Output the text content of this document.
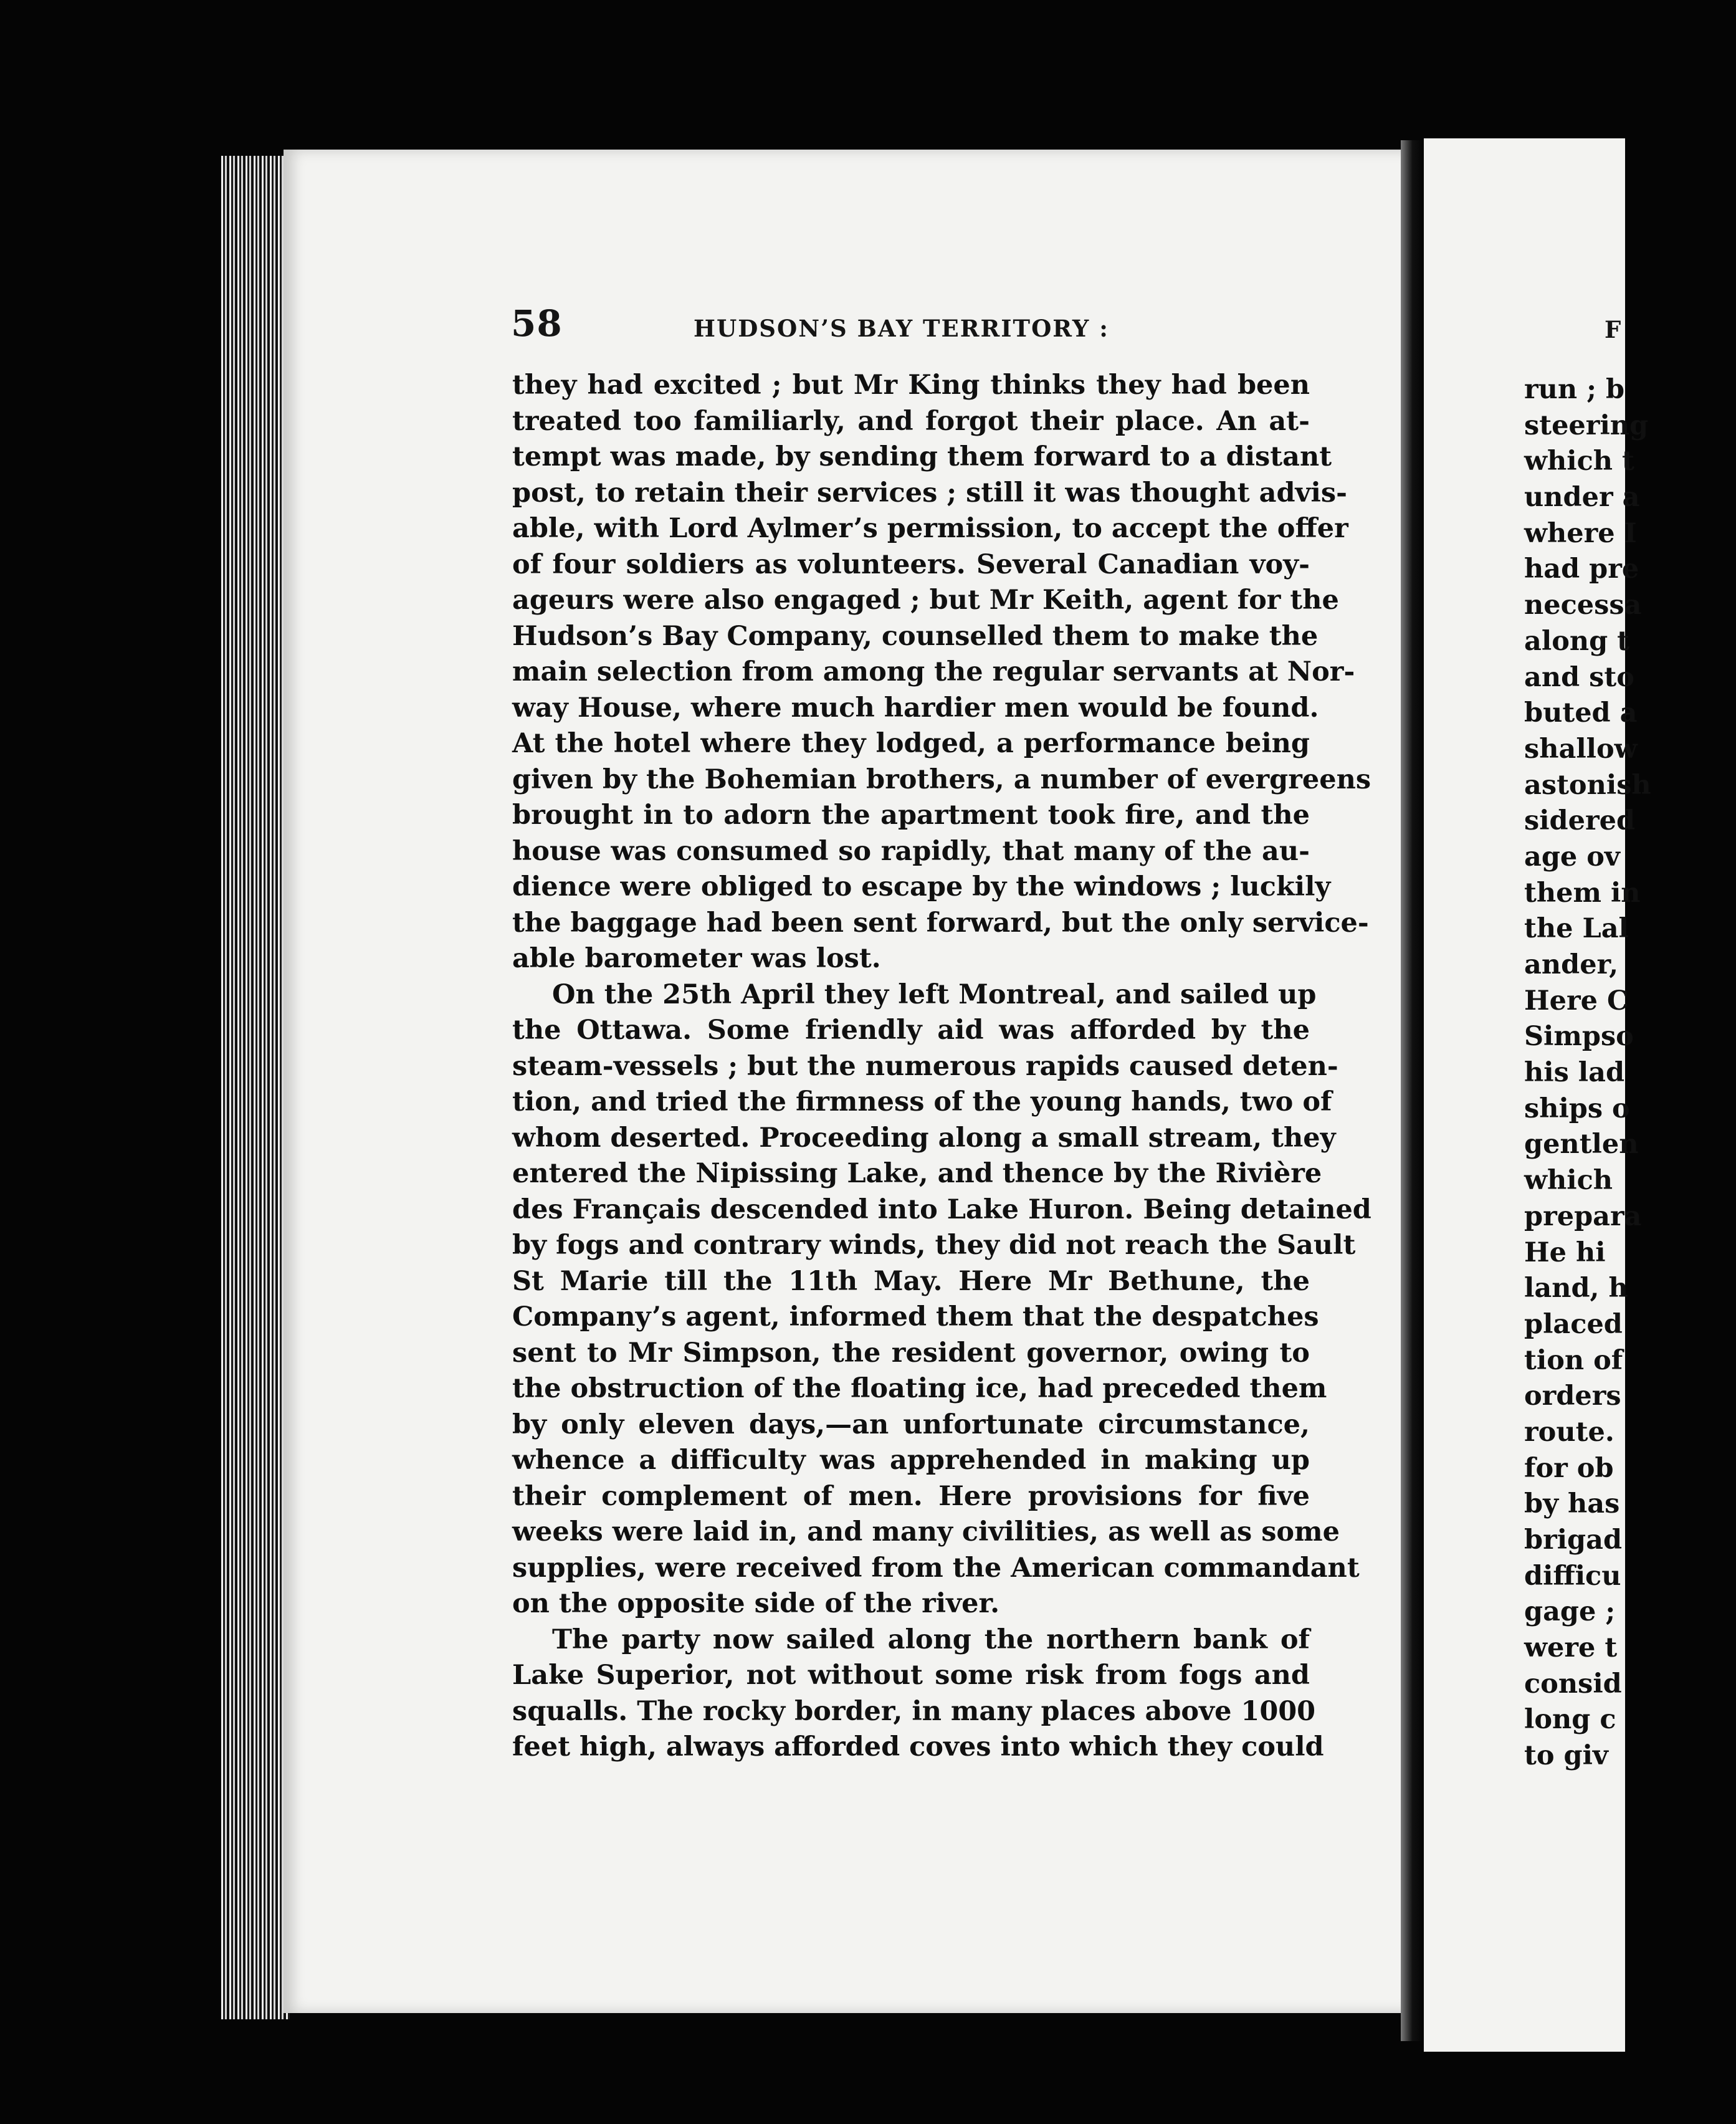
F
run ; b
steering
which t
under a
where I
had pre
necessa
along t
and sto
buted a
shallow
astonish
sidered
age ov
them in
the Lal
ander,
Here C
Simpso
his lad
ships o
gentlen
which
prepara
He hi
land, h
placed
tion of
orders
route.
for ob
by has
brigad
difficu
gage ;
were t
consid
long c
to giv
58	HUDSON’S BAY TERRITORY :
they had excited ; but Mr King thinks they had been
treated too familiarly, and forgot their place. An at-
tempt was made, by sending them forward to a distant
post, to retain their services ; still it was thought advis-
able, with Lord Aylmer’s permission, to accept the offer
of four soldiers as volunteers. Several Canadian voy-
ageurs were also engaged ; but Mr Keith, agent for the
Hudson’s Bay Company, counselled them to make the
main selection from among the regular servants at Nor-
way House, where much hardier men would be found.
At the hotel where they lodged, a performance being
given by the Bohemian brothers, a number of evergreens
brought in to adorn the apartment took fire, and the
house was consumed so rapidly, that many of the au-
dience were obliged to escape by the windows ; luckily
the baggage had been sent forward, but the only service-
able barometer was lost.
On the 25th April they left Montreal, and sailed up
the Ottawa. Some friendly aid was afforded by the
steam-vessels ; but the numerous rapids caused deten-
tion, and tried the firmness of the young hands, two of
whom deserted. Proceeding along a small stream, they
entered the Nipissing Lake, and thence by the Rivière
des Français descended into Lake Huron. Being detained
by fogs and contrary winds, they did not reach the Sault
St Marie till the 11th May. Here Mr Bethune, the
Company’s agent, informed them that the despatches
sent to Mr Simpson, the resident governor, owing to
the obstruction of the floating ice, had preceded them
by only eleven days,—an unfortunate circumstance,
whence a difficulty was apprehended in making up
their complement of men. Here provisions for five
weeks were laid in, and many civilities, as well as some
supplies, were received from the American commandant
on the opposite side of the river.
The party now sailed along the northern bank of
Lake Superior, not without some risk from fogs and
squalls. The rocky border, in many places above 1000
feet high, always afforded coves into which they could
